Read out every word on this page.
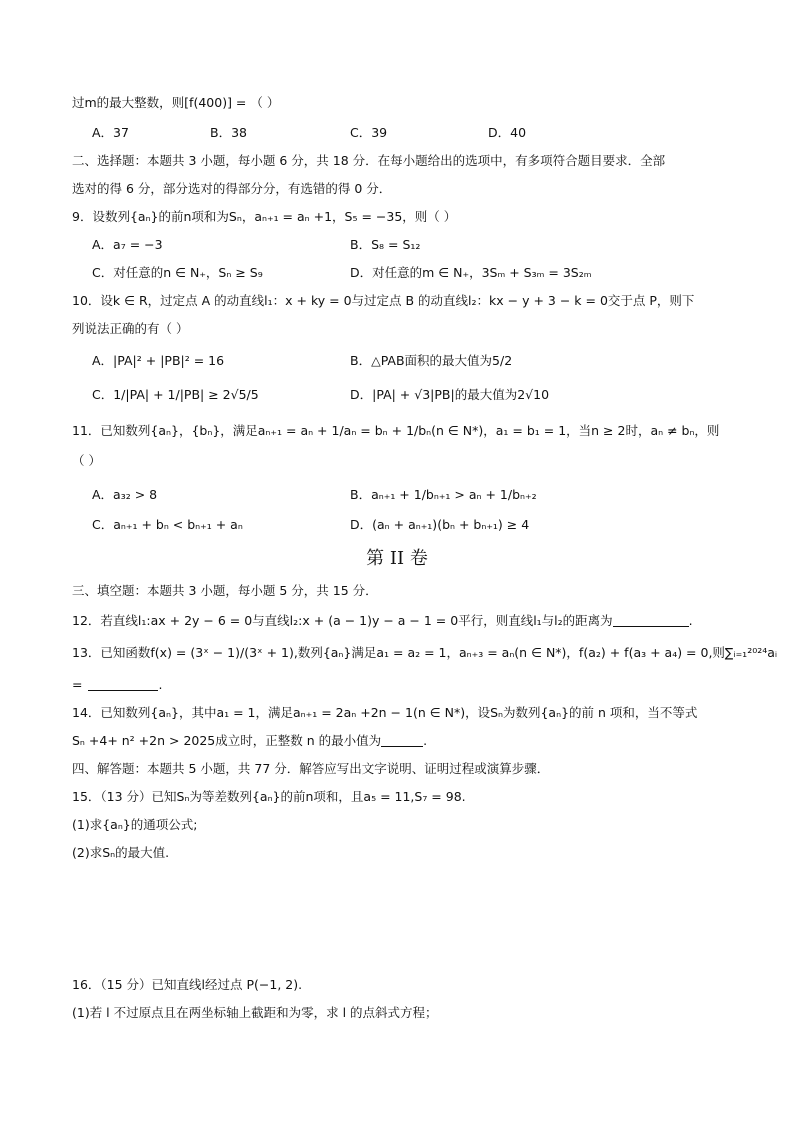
过m的最大整数，则[f(400)] = （ ）
A．37	B．38	C．39	D．40
二、选择题：本题共 3 小题，每小题 6 分，共 18 分．在每小题给出的选项中，有多项符合题目要求．全部
选对的得 6 分，部分选对的得部分分，有选错的得 0 分．
9．设数列{aₙ}的前n项和为Sₙ，aₙ₊₁ = aₙ +1，S₅ = −35，则（ ）
A．a₇ = −3	B．S₈ = S₁₂
C．对任意的n ∈ N₊，Sₙ ≥ S₉	D．对任意的m ∈ N₊，3Sₘ + S₃ₘ = 3S₂ₘ
10．设k ∈ R，过定点 A 的动直线l₁：x + ky = 0与过定点 B 的动直线l₂：kx − y + 3 − k = 0交于点 P，则下
列说法正确的有（ ）
A．|PA|² + |PB|² = 16	B．△PAB面积的最大值为5/2
C．1/|PA| + 1/|PB| ≥ 2√5/5	D．|PA| + √3|PB|的最大值为2√10
11．已知数列{aₙ}，{bₙ}，满足aₙ₊₁ = aₙ + 1/aₙ = bₙ + 1/bₙ(n ∈ N*)，a₁ = b₁ = 1，当n ≥ 2时，aₙ ≠ bₙ，则
（ ）
A．a₃₂ > 8	B．aₙ₊₁ + 1/bₙ₊₁ > aₙ + 1/bₙ₊₂
C．aₙ₊₁ + bₙ < bₙ₊₁ + aₙ	D．(aₙ + aₙ₊₁)(bₙ + bₙ₊₁) ≥ 4
第 II 卷
三、填空题：本题共 3 小题，每小题 5 分，共 15 分．
12．若直线l₁:ax + 2y − 6 = 0与直线l₂:x + (a − 1)y − a − 1 = 0平行，则直线l₁与l₂的距离为	.
13．已知函数f(x) = (3ˣ − 1)/(3ˣ + 1),数列{aₙ}满足a₁ = a₂ = 1，aₙ₊₃ = aₙ(n ∈ N*)，f(a₂) + f(a₃ + a₄) = 0,则∑ᵢ₌₁²⁰²⁴aᵢ
=	.
14．已知数列{aₙ}，其中a₁ = 1，满足aₙ₊₁ = 2aₙ +2n − 1(n ∈ N*)，设Sₙ为数列{aₙ}的前 n 项和，当不等式
Sₙ +4+ n² +2n > 2025成立时，正整数 n 的最小值为	.
四、解答题：本题共 5 小题，共 77 分．解答应写出文字说明、证明过程或演算步骤．
15．（13 分）已知Sₙ为等差数列{aₙ}的前n项和，且a₅ = 11,S₇ = 98.
(1)求{aₙ}的通项公式;
(2)求Sₙ的最大值.
16．（15 分）已知直线l经过点 P(−1, 2).
(1)若 l 不过原点且在两坐标轴上截距和为零，求 l 的点斜式方程；
